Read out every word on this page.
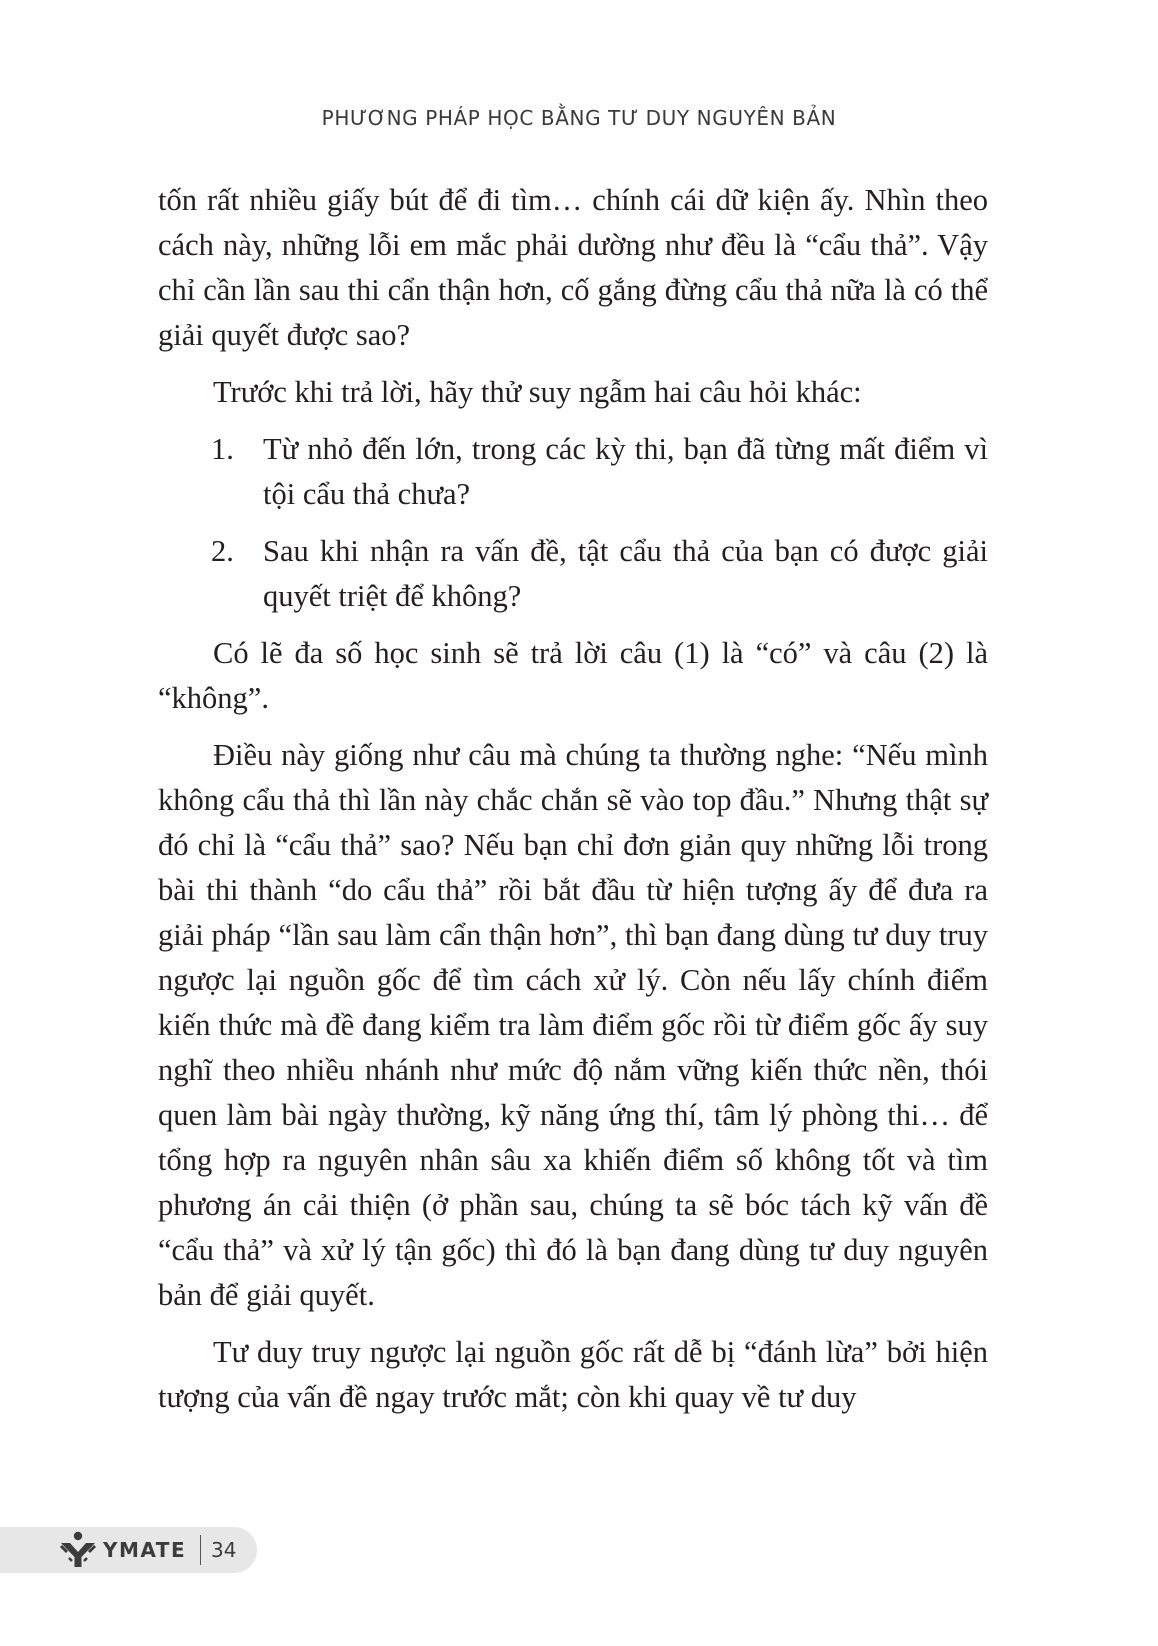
PHƯƠNG PHÁP HỌC BẰNG TƯ DUY NGUYÊN BẢN

tốn rất nhiều giấy bút để đi tìm… chính cái dữ kiện ấy. Nhìn theo cách này, những lỗi em mắc phải dường như đều là “cẩu thả”. Vậy chỉ cần lần sau thi cẩn thận hơn, cố gắng đừng cẩu thả nữa là có thể giải quyết được sao?

Trước khi trả lời, hãy thử suy ngẫm hai câu hỏi khác:

1. Từ nhỏ đến lớn, trong các kỳ thi, bạn đã từng mất điểm vì tội cẩu thả chưa?
2. Sau khi nhận ra vấn đề, tật cẩu thả của bạn có được giải quyết triệt để không?

Có lẽ đa số học sinh sẽ trả lời câu (1) là “có” và câu (2) là “không”.

Điều này giống như câu mà chúng ta thường nghe: “Nếu mình không cẩu thả thì lần này chắc chắn sẽ vào top đầu.” Nhưng thật sự đó chỉ là “cẩu thả” sao? Nếu bạn chỉ đơn giản quy những lỗi trong bài thi thành “do cẩu thả” rồi bắt đầu từ hiện tượng ấy để đưa ra giải pháp “lần sau làm cẩn thận hơn”, thì bạn đang dùng tư duy truy ngược lại nguồn gốc để tìm cách xử lý. Còn nếu lấy chính điểm kiến thức mà đề đang kiểm tra làm điểm gốc rồi từ điểm gốc ấy suy nghĩ theo nhiều nhánh như mức độ nắm vững kiến thức nền, thói quen làm bài ngày thường, kỹ năng ứng thí, tâm lý phòng thi… để tổng hợp ra nguyên nhân sâu xa khiến điểm số không tốt và tìm phương án cải thiện (ở phần sau, chúng ta sẽ bóc tách kỹ vấn đề “cẩu thả” và xử lý tận gốc) thì đó là bạn đang dùng tư duy nguyên bản để giải quyết.

Tư duy truy ngược lại nguồn gốc rất dễ bị “đánh lừa” bởi hiện tượng của vấn đề ngay trước mắt; còn khi quay về tư duy

YMATE 34
